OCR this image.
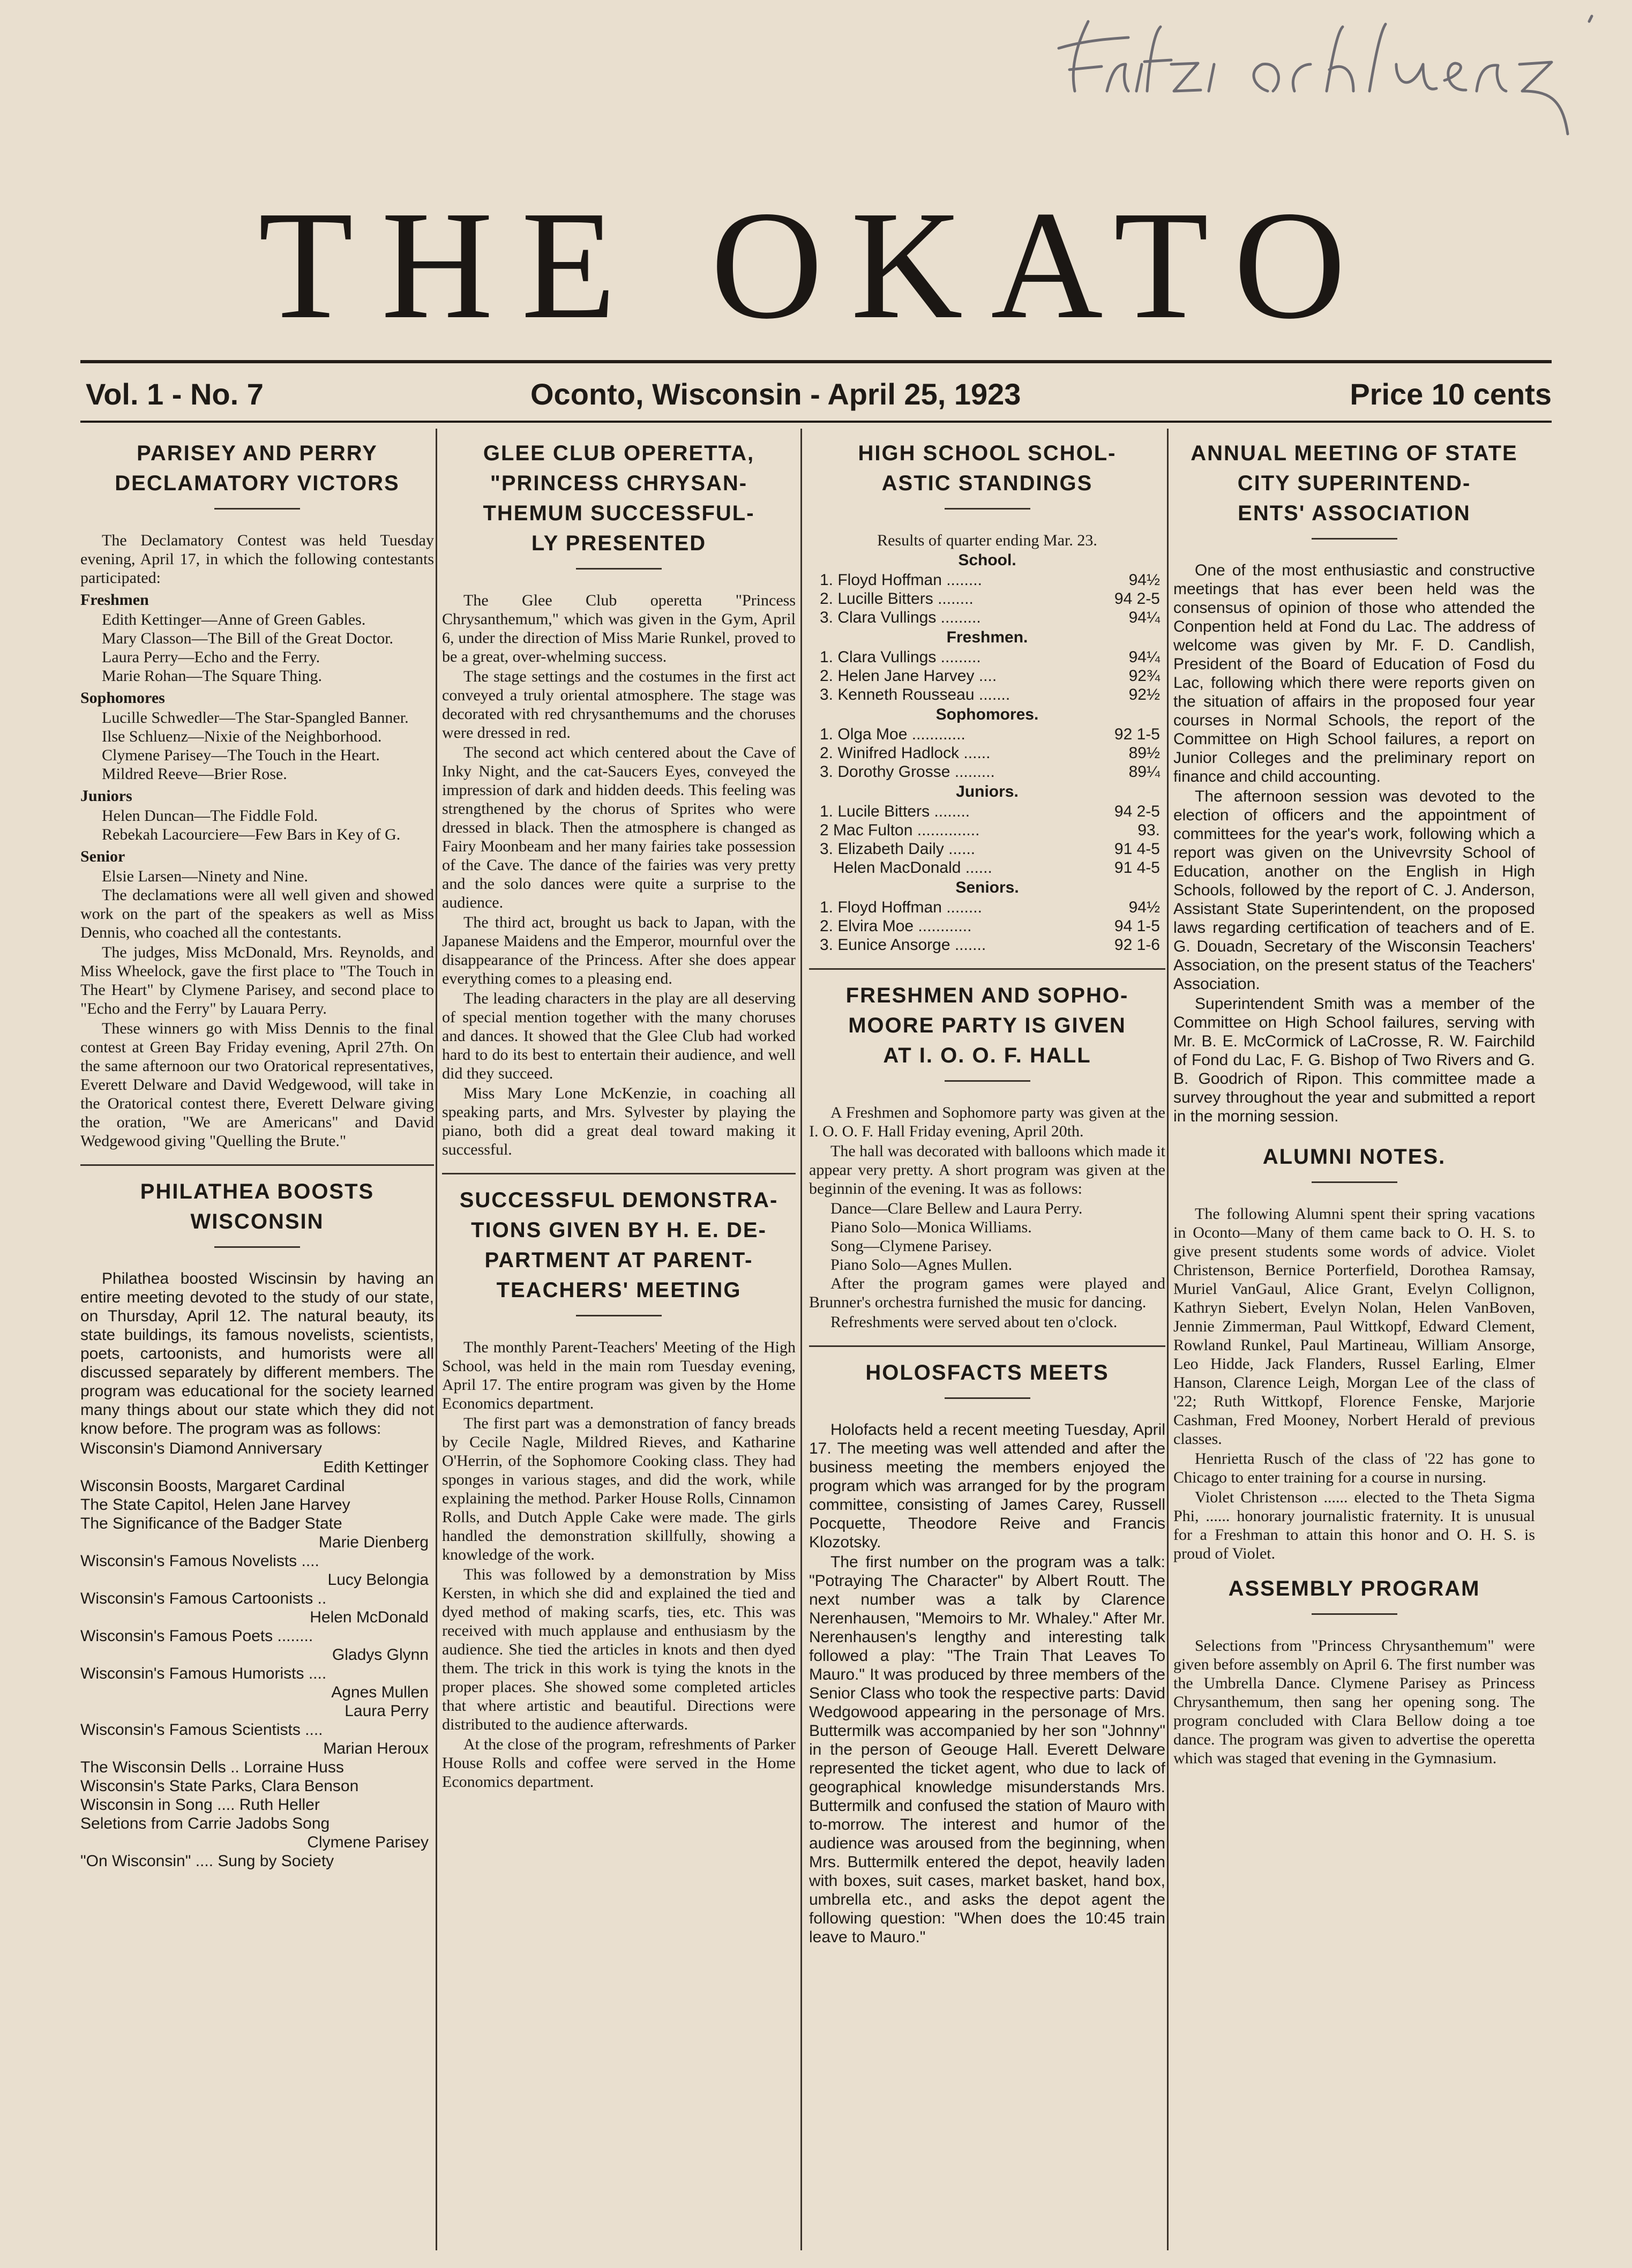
THE OKATO
Vol. 1 - No. 7	Oconto, Wisconsin - April 25, 1923	Price 10 cents
PARISEY AND PERRY
DECLAMATORY VICTORS

The Declamatory Contest was held Tuesday evening, April 17, in which the following contestants participated:

Freshmen

Edith Kettinger—Anne of Green Gables.

Mary Classon—The Bill of the Great Doctor.

Laura Perry—Echo and the Ferry.

Marie Rohan—The Square Thing.

Sophomores

Lucille Schwedler—The Star-Spangled Banner.

Ilse Schluenz—Nixie of the Neighborhood.

Clymene Parisey—The Touch in the Heart.

Mildred Reeve—Brier Rose.

Juniors

Helen Duncan—The Fiddle Fold.

Rebekah Lacourciere—Few Bars in Key of G.

Senior

Elsie Larsen—Ninety and Nine.

The declamations were all well given and showed work on the part of the speakers as well as Miss Dennis, who coached all the contestants.

The judges, Miss McDonald, Mrs. Reynolds, and Miss Wheelock, gave the first place to "The Touch in The Heart" by Clymene Parisey, and second place to "Echo and the Ferry" by Lauara Perry.

These winners go with Miss Dennis to the final contest at Green Bay Friday evening, April 27th. On the same afternoon our two Oratorical representatives, Everett Delware and David Wedgewood, will take in the Oratorical contest there, Everett Delware giving the oration, "We are Americans" and David Wedgewood giving "Quelling the Brute."

PHILATHEA BOOSTS
WISCONSIN

Philathea boosted Wiscinsin by having an entire meeting devoted to the study of our state, on Thursday, April 12. The natural beauty, its state buildings, its famous novelists, scientists, poets, cartoonists, and humorists were all discussed separately by different members. The program was educational for the society learned many things about our state which they did not know before. The program was as follows:

Wisconsin's Diamond Anniversary

Edith Kettinger

Wisconsin Boosts, Margaret Cardinal

The State Capitol, Helen Jane Harvey

The Significance of the Badger State

Marie Dienberg

Wisconsin's Famous Novelists ....

Lucy Belongia

Wisconsin's Famous Cartoonists ..

Helen McDonald

Wisconsin's Famous Poets ........

Gladys Glynn

Wisconsin's Famous Humorists ....

Agnes Mullen

Laura Perry

Wisconsin's Famous Scientists ....

Marian Heroux

The Wisconsin Dells .. Lorraine Huss

Wisconsin's State Parks, Clara Benson

Wisconsin in Song .... Ruth Heller

Seletions from Carrie Jadobs Song

Clymene Parisey

"On Wisconsin" .... Sung by Society

GLEE CLUB OPERETTA,
"PRINCESS CHRYSAN-
THEMUM SUCCESSFUL-
LY PRESENTED

The Glee Club operetta "Princess Chrysanthemum," which was given in the Gym, April 6, under the direction of Miss Marie Runkel, proved to be a great, over-whelming success.

The stage settings and the costumes in the first act conveyed a truly oriental atmosphere. The stage was decorated with red chrysanthemums and the choruses were dressed in red.

The second act which centered about the Cave of Inky Night, and the cat-Saucers Eyes, conveyed the impression of dark and hidden deeds. This feeling was strengthened by the chorus of Sprites who were dressed in black. Then the atmosphere is changed as Fairy Moonbeam and her many fairies take possession of the Cave. The dance of the fairies was very pretty and the solo dances were quite a surprise to the audience.

The third act, brought us back to Japan, with the Japanese Maidens and the Emperor, mournful over the disappearance of the Princess. After she does appear everything comes to a pleasing end.

The leading characters in the play are all deserving of special mention together with the many choruses and dances. It showed that the Glee Club had worked hard to do its best to entertain their audience, and well did they succeed.

Miss Mary Lone McKenzie, in coaching all speaking parts, and Mrs. Sylvester by playing the piano, both did a great deal toward making it successful.

SUCCESSFUL DEMONSTRA-
TIONS GIVEN BY H. E. DE-
PARTMENT AT PARENT-
TEACHERS' MEETING

The monthly Parent-Teachers' Meeting of the High School, was held in the main rom Tuesday evening, April 17. The entire program was given by the Home Economics department.

The first part was a demonstration of fancy breads by Cecile Nagle, Mildred Rieves, and Katharine O'Herrin, of the Sophomore Cooking class. They had sponges in various stages, and did the work, while explaining the method. Parker House Rolls, Cinnamon Rolls, and Dutch Apple Cake were made. The girls handled the demonstration skillfully, showing a knowledge of the work.

This was followed by a demonstration by Miss Kersten, in which she did and explained the tied and dyed method of making scarfs, ties, etc. This was received with much applause and enthusiasm by the audience. She tied the articles in knots and then dyed them. The trick in this work is tying the knots in the proper places. She showed some completed articles that where artistic and beautiful. Directions were distributed to the audience afterwards.

At the close of the program, refreshments of Parker House Rolls and coffee were served in the Home Economics department.

HIGH SCHOOL SCHOL-
ASTIC STANDINGS

Results of quarter ending Mar. 23.

School.

1. Floyd Hoffman ........	94½
2. Lucille Bitters ........	94 2-5
3. Clara Vullings .........	94¼

Freshmen.

1. Clara Vullings .........	94¼
2. Helen Jane Harvey ....	92¾
3. Kenneth Rousseau .......	92½

Sophomores.

1. Olga Moe ............	92 1-5
2. Winifred Hadlock ......	89½
3. Dorothy Grosse .........	89¼

Juniors.

1. Lucile Bitters ........	94 2-5
2 Mac Fulton ..............	93.
3. Elizabeth Daily ......	91 4-5
Helen MacDonald ......	91 4-5

Seniors.

1. Floyd Hoffman ........	94½
2. Elvira Moe ............	94 1-5
3. Eunice Ansorge .......	92 1-6
FRESHMEN AND SOPHO-
MOORE PARTY IS GIVEN
AT I. O. O. F. HALL

A Freshmen and Sophomore party was given at the I. O. O. F. Hall Friday evening, April 20th.

The hall was decorated with balloons which made it appear very pretty. A short program was given at the beginnin of the evening. It was as follows:

Dance—Clare Bellew and Laura Perry.

Piano Solo—Monica Williams.

Song—Clymene Parisey.

Piano Solo—Agnes Mullen.

After the program games were played and Brunner's orchestra furnished the music for dancing.

Refreshments were served about ten o'clock.

HOLOSFACTS MEETS

Holofacts held a recent meeting Tuesday, April 17. The meeting was well attended and after the business meeting the members enjoyed the program which was arranged for by the program committee, consisting of James Carey, Russell Pocquette, Theodore Reive and Francis Klozotsky.

The first number on the program was a talk: "Potraying The Character" by Albert Routt. The next number was a talk by Clarence Nerenhausen, "Memoirs to Mr. Whaley." After Mr. Nerenhausen's lengthy and interesting talk followed a play: "The Train That Leaves To Mauro." It was produced by three members of the Senior Class who took the respective parts: David Wedgowood appearing in the personage of Mrs. Buttermilk was accompanied by her son "Johnny" in the person of Geouge Hall. Everett Delware represented the ticket agent, who due to lack of geographical knowledge misunderstands Mrs. Buttermilk and confused the station of Mauro with to-morrow. The interest and humor of the audience was aroused from the beginning, when Mrs. Buttermilk entered the depot, heavily laden with boxes, suit cases, market basket, hand box, umbrella etc., and asks the depot agent the following question: "When does the 10:45 train leave to Mauro."

ANNUAL MEETING OF STATE
CITY SUPERINTEND-
ENTS' ASSOCIATION

One of the most enthusiastic and constructive meetings that has ever been held was the consensus of opinion of those who attended the Conpention held at Fond du Lac. The address of welcome was given by Mr. F. D. Candlish, President of the Board of Education of Fosd du Lac, following which there were reports given on the situation of affairs in the proposed four year courses in Normal Schools, the report of the Committee on High School failures, a report on Junior Colleges and the preliminary report on finance and child accounting.

The afternoon session was devoted to the election of officers and the appointment of committees for the year's work, following which a report was given on the Univevrsity School of Education, another on the English in High Schools, followed by the report of C. J. Anderson, Assistant State Superintendent, on the proposed laws regarding certification of teachers and of E. G. Douadn, Secretary of the Wisconsin Teachers' Association, on the present status of the Teachers' Association.

Superintendent Smith was a member of the Committee on High School failures, serving with Mr. B. E. McCormick of LaCrosse, R. W. Fairchild of Fond du Lac, F. G. Bishop of Two Rivers and G. B. Goodrich of Ripon. This committee made a survey throughout the year and submitted a report in the morning session.

ALUMNI NOTES.

The following Alumni spent their spring vacations in Oconto—Many of them came back to O. H. S. to give present students some words of advice. Violet Christenson, Bernice Porterfield, Dorothea Ramsay, Muriel VanGaul, Alice Grant, Evelyn Collignon, Kathryn Siebert, Evelyn Nolan, Helen VanBoven, Jennie Zimmerman, Paul Wittkopf, Edward Clement, Rowland Runkel, Paul Martineau, William Ansorge, Leo Hidde, Jack Flanders, Russel Earling, Elmer Hanson, Clarence Leigh, Morgan Lee of the class of '22; Ruth Wittkopf, Florence Fenske, Marjorie Cashman, Fred Mooney, Norbert Herald of previous classes.

Henrietta Rusch of the class of '22 has gone to Chicago to enter training for a course in nursing.

Violet Christenson ...... elected to the Theta Sigma Phi, ...... honorary journalistic fraternity. It is unusual for a Freshman to attain this honor and O. H. S. is proud of Violet.

ASSEMBLY PROGRAM

Selections from "Princess Chrysanthemum" were given before assembly on April 6. The first number was the Umbrella Dance. Clymene Parisey as Princess Chrysanthemum, then sang her opening song. The program concluded with Clara Bellow doing a toe dance. The program was given to advertise the operetta which was staged that evening in the Gymnasium.
